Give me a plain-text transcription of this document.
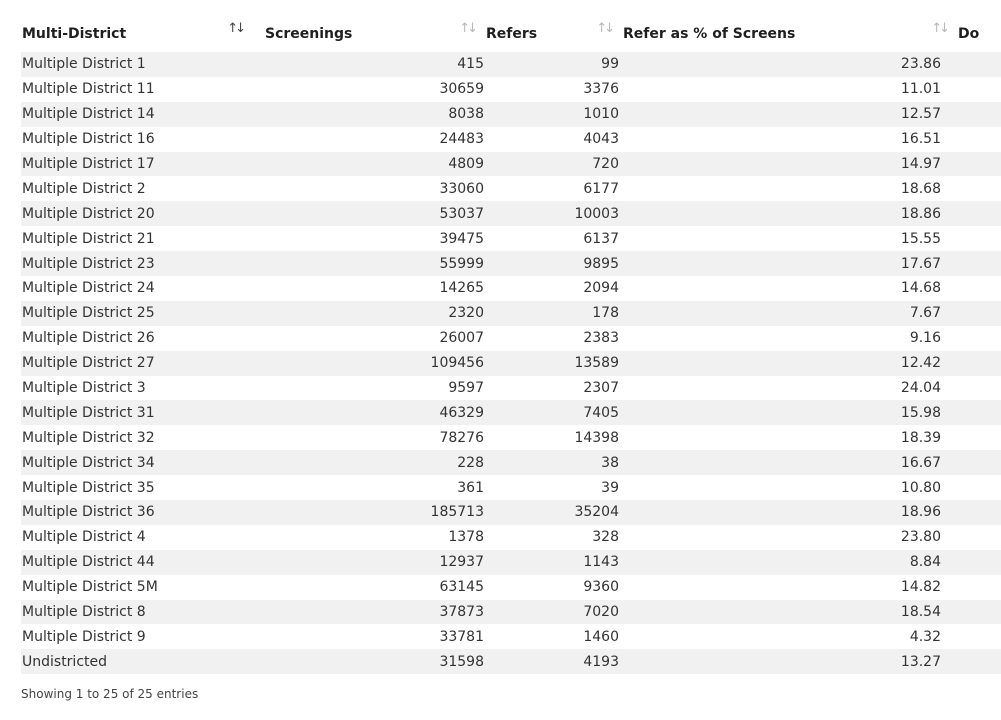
Multi-District ↑↓	Screenings ↑↓	Refers ↑↓	Refer as % of Screens ↑↓	Do
Multiple District 1	415	99	23.86	
Multiple District 11	30659	3376	11.01	
Multiple District 14	8038	1010	12.57	
Multiple District 16	24483	4043	16.51	
Multiple District 17	4809	720	14.97	
Multiple District 2	33060	6177	18.68	
Multiple District 20	53037	10003	18.86	
Multiple District 21	39475	6137	15.55	
Multiple District 23	55999	9895	17.67	
Multiple District 24	14265	2094	14.68	
Multiple District 25	2320	178	7.67	
Multiple District 26	26007	2383	9.16	
Multiple District 27	109456	13589	12.42	
Multiple District 3	9597	2307	24.04	
Multiple District 31	46329	7405	15.98	
Multiple District 32	78276	14398	18.39	
Multiple District 34	228	38	16.67	
Multiple District 35	361	39	10.80	
Multiple District 36	185713	35204	18.96	
Multiple District 4	1378	328	23.80	
Multiple District 44	12937	1143	8.84	
Multiple District 5M	63145	9360	14.82	
Multiple District 8	37873	7020	18.54	
Multiple District 9	33781	1460	4.32	
Undistricted	31598	4193	13.27	
Showing 1 to 25 of 25 entries
